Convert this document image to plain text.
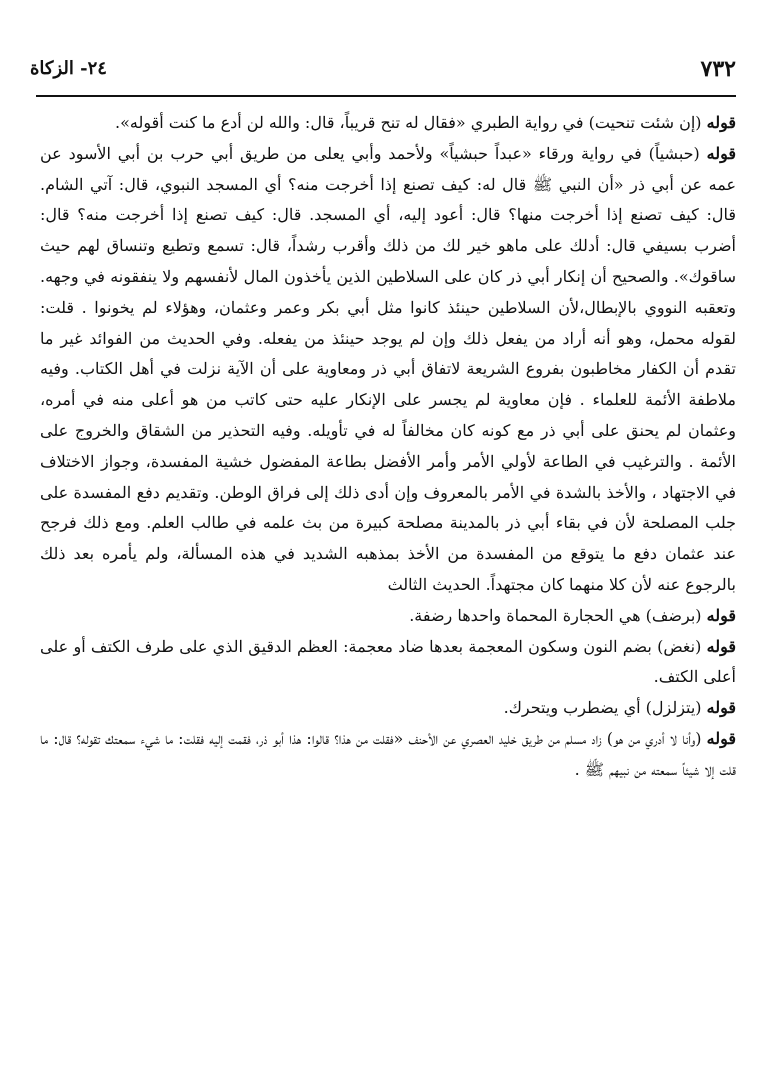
٧٣٢
٢٤- الزكاة

قوله (إن شئت تنحيت) في رواية الطبري «فقال له تنح قريباً، قال: والله لن أدع ما كنت أقوله».

قوله (حبشياً) في رواية ورقاء «عبداً حبشياً» ولأحمد وأبي يعلى من طريق أبي حرب بن أبي الأسود عن عمه عن أبي ذر «أن النبي ﷺ قال له: كيف تصنع إذا أخرجت منه؟ أي المسجد النبوي، قال: آتي الشام. قال: كيف تصنع إذا أخرجت منها؟ قال: أعود إليه، أي المسجد. قال: كيف تصنع إذا أخرجت منه؟ قال: أضرب بسيفي قال: أدلك على ماهو خير لك من ذلك وأقرب رشداً، قال: تسمع وتطيع وتنساق لهم حيث ساقوك». والصحيح أن إنكار أبي ذر كان على السلاطين الذين يأخذون المال لأنفسهم ولا ينفقونه في وجهه. وتعقبه النووي بالإبطال،لأن السلاطين حينئذ كانوا مثل أبي بكر وعمر وعثمان، وهؤلاء لم يخونوا . قلت: لقوله محمل، وهو أنه أراد من يفعل ذلك وإن لم يوجد حينئذ من يفعله. وفي الحديث من الفوائد غير ما تقدم أن الكفار مخاطبون بفروع الشريعة لاتفاق أبي ذر ومعاوية على أن الآية نزلت في أهل الكتاب. وفيه ملاطفة الأئمة للعلماء . فإن معاوية لم يجسر على الإنكار عليه حتى كاتب من هو أعلى منه في أمره، وعثمان لم يحنق على أبي ذر مع كونه كان مخالفاً له في تأويله. وفيه التحذير من الشقاق والخروج على الأئمة . والترغيب في الطاعة لأولي الأمر وأمر الأفضل بطاعة المفضول خشية المفسدة، وجواز الاختلاف في الاجتهاد ، والأخذ بالشدة في الأمر بالمعروف وإن أدى ذلك إلى فراق الوطن. وتقديم دفع المفسدة على جلب المصلحة لأن في بقاء أبي ذر بالمدينة مصلحة كبيرة من بث علمه في طالب العلم. ومع ذلك فرجح عند عثمان دفع ما يتوقع من المفسدة من الأخذ بمذهبه الشديد في هذه المسألة، ولم يأمره بعد ذلك بالرجوع عنه لأن كلا منهما كان مجتهداً. الحديث الثالث

قوله (برضف) هي الحجارة المحماة واحدها رضفة.

قوله (نغض) بضم النون وسكون المعجمة بعدها ضاد معجمة: العظم الدقيق الذي على طرف الكتف أو على أعلى الكتف.

قوله (يتزلزل) أي يضطرب ويتحرك.

قوله (وأنا لا أدري من هو) زاد مسلم من طريق خليد العصري عن الأحنف «فقلت من هذا؟ قالوا: هذا أبو ذر، فقمت إليه فقلت: ما شيء سمعتك تقوله؟ قال: ما قلت إلا شيئاً سمعته من نبيهم ﷺ .
